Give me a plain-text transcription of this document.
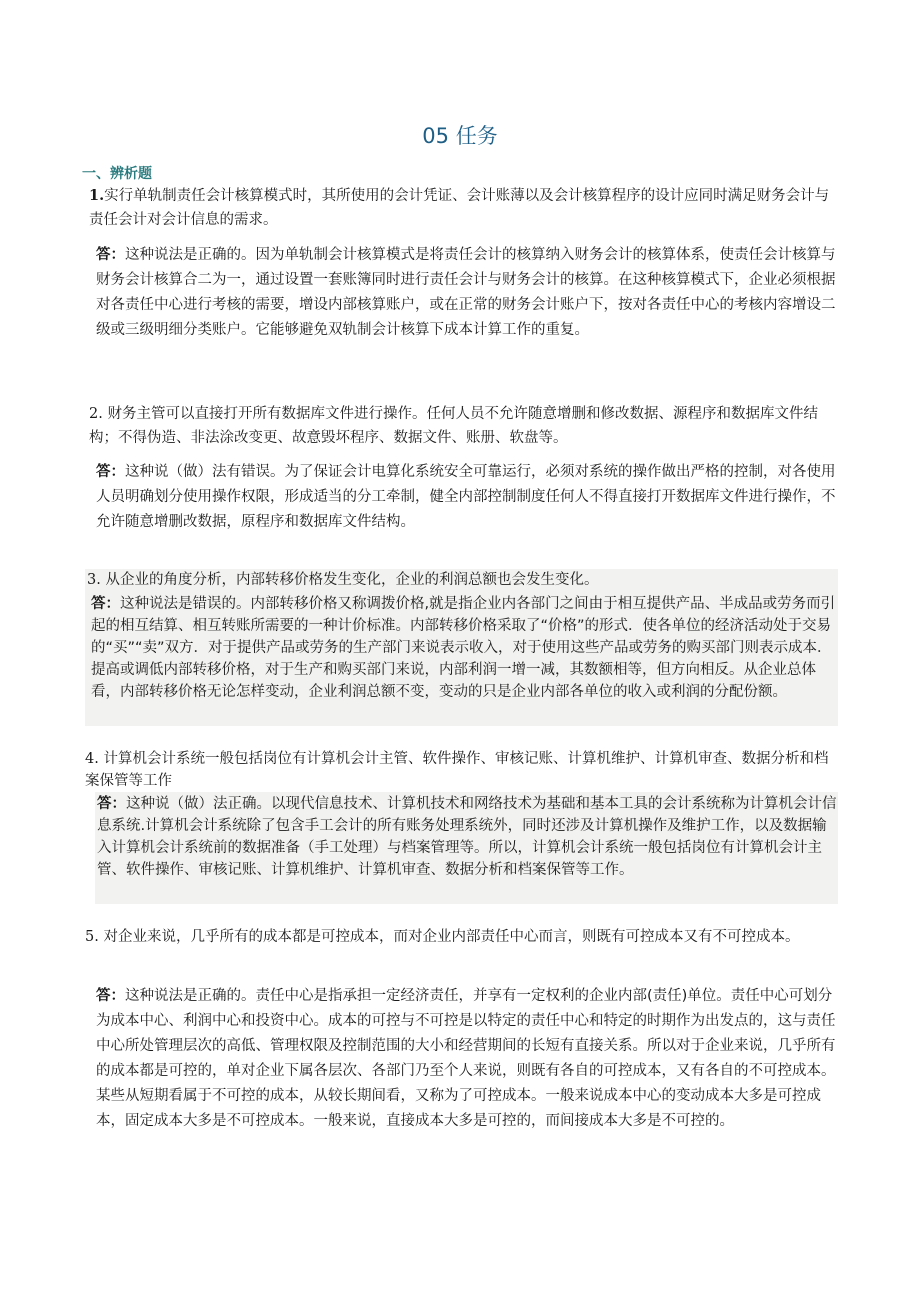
05 任务
一、辨析题
1.实行单轨制责任会计核算模式时，其所使用的会计凭证、会计账薄以及会计核算程序的设计应同时满足财务会计与责任会计对会计信息的需求。
答：这种说法是正确的。因为单轨制会计核算模式是将责任会计的核算纳入财务会计的核算体系，使责任会计核算与财务会计核算合二为一，通过设置一套账簿同时进行责任会计与财务会计的核算。在这种核算模式下，企业必须根据对各责任中心进行考核的需要，增设内部核算账户，或在正常的财务会计账户下，按对各责任中心的考核内容增设二级或三级明细分类账户。它能够避免双轨制会计核算下成本计算工作的重复。
2. 财务主管可以直接打开所有数据库文件进行操作。任何人员不允许随意增删和修改数据、源程序和数据库文件结构；不得伪造、非法涂改变更、故意毁坏程序、数据文件、账册、软盘等。
答：这种说（做）法有错误。为了保证会计电算化系统安全可靠运行，必须对系统的操作做出严格的控制，对各使用人员明确划分使用操作权限，形成适当的分工牵制，健全内部控制制度任何人不得直接打开数据库文件进行操作，不允许随意增删改数据，原程序和数据库文件结构。
3. 从企业的角度分析，内部转移价格发生变化，企业的利润总额也会发生变化。
答：这种说法是错误的。内部转移价格又称调拨价格,就是指企业内各部门之间由于相互提供产品、半成品或劳务而引起的相互结算、相互转账所需要的一种计价标准。内部转移价格采取了“价格”的形式．使各单位的经济活动处于交易的“买”“卖”双方．对于提供产品或劳务的生产部门来说表示收入，对于使用这些产品或劳务的购买部门则表示成本．提高或调低内部转移价格，对于生产和购买部门来说，内部利润一增一减，其数额相等，但方向相反。从企业总体看，内部转移价格无论怎样变动，企业利润总额不变，变动的只是企业内部各单位的收入或利润的分配份额。
4. 计算机会计系统一般包括岗位有计算机会计主管、软件操作、审核记账、计算机维护、计算机审查、数据分析和档案保管等工作
答：这种说（做）法正确。以现代信息技术、计算机技术和网络技术为基础和基本工具的会计系统称为计算机会计信息系统.计算机会计系统除了包含手工会计的所有账务处理系统外，同时还涉及计算机操作及维护工作，以及数据输入计算机会计系统前的数据准备（手工处理）与档案管理等。所以，计算机会计系统一般包括岗位有计算机会计主管、软件操作、审核记账、计算机维护、计算机审查、数据分析和档案保管等工作。
5. 对企业来说，几乎所有的成本都是可控成本，而对企业内部责任中心而言，则既有可控成本又有不可控成本。
答：这种说法是正确的。责任中心是指承担一定经济责任，并享有一定权利的企业内部(责任)单位。责任中心可划分为成本中心、利润中心和投资中心。成本的可控与不可控是以特定的责任中心和特定的时期作为出发点的，这与责任中心所处管理层次的高低、管理权限及控制范围的大小和经营期间的长短有直接关系。所以对于企业来说，几乎所有的成本都是可控的，单对企业下属各层次、各部门乃至个人来说，则既有各自的可控成本，又有各自的不可控成本。某些从短期看属于不可控的成本，从较长期间看，又称为了可控成本。一般来说成本中心的变动成本大多是可控成本，固定成本大多是不可控成本。一般来说，直接成本大多是可控的，而间接成本大多是不可控的。
